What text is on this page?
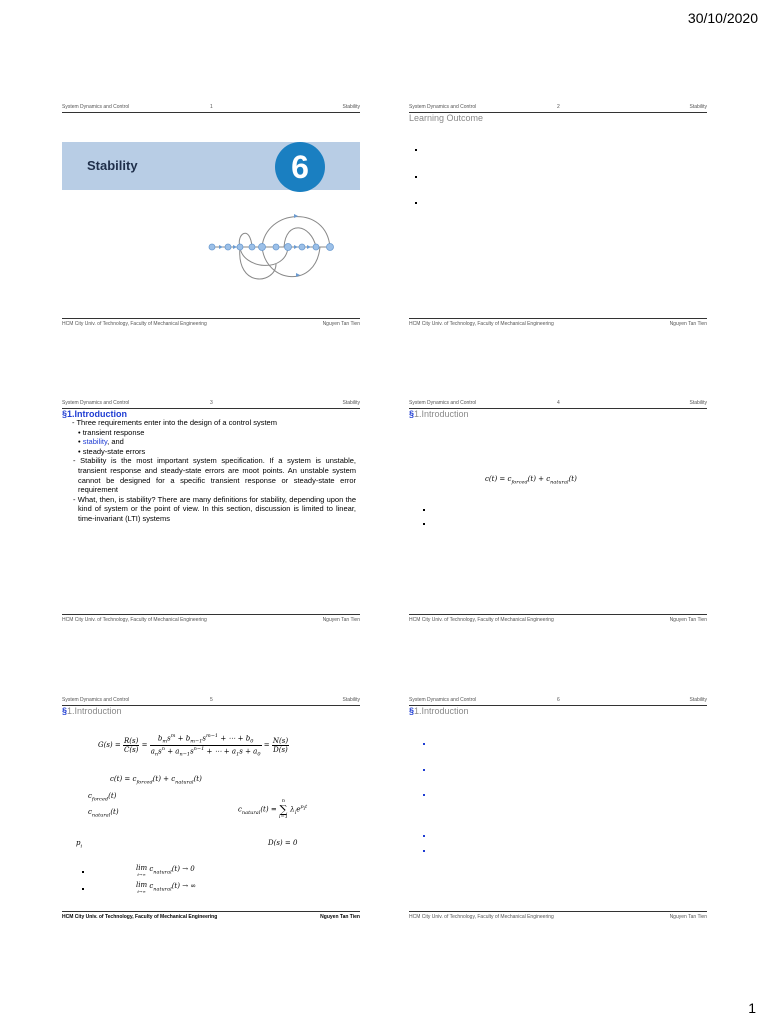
30/10/2020
System Dynamics and Control	1	Stability
Stability	6
HCM City Univ. of Technology, Faculty of Mechanical Engineering	Nguyen Tan Tien
System Dynamics and Control	2	Stability
Learning Outcome
HCM City Univ. of Technology, Faculty of Mechanical Engineering	Nguyen Tan Tien
System Dynamics and Control	3	Stability
§1.Introduction

- Three requirements enter into the design of a control system

• transient response

• stability, and

• steady-state errors

- Stability is the most important system specification. If a system is unstable, transient response and steady-state errors are moot points. An unstable system cannot be designed for a specific transient response or steady-state error requirement

- What, then, is stability? There are many definitions for stability, depending upon the kind of system or the point of view. In this section, discussion is limited to linear, time-invariant (LTI) systems

HCM City Univ. of Technology, Faculty of Mechanical Engineering	Nguyen Tan Tien
System Dynamics and Control	4	Stability
§1.Introduction
$c(t) = c_{forced}(t) + c_{natural}(t)$
HCM City Univ. of Technology, Faculty of Mechanical Engineering	Nguyen Tan Tien
System Dynamics and Control	5	Stability
§1.Introduction
$G(s) = \frac{R(s)}{C(s)} = \frac{b_ms^m + b_{m-1}s^{m-1} + \cdots + b_0}{a_ns^n + a_{n-1}s^{n-1} + \cdots + a_1s + a_0} = \frac{N(s)}{D(s)}$
$c(t) = c_{forced}(t) + c_{natural}(t)$
$c_{forced}(t)$
$c_{natural}(t)$	$c_{natural}(t)$ =
n
∑
i=1
$\lambda_ie^{p_it}$
$p_i$	D(s) = 0
lim
t→∞ $c_{natural}(t) \to 0$
lim
t→∞ $c_{natural}(t)$ → ∞
HCM City Univ. of Technology, Faculty of Mechanical Engineering	Nguyen Tan Tien
System Dynamics and Control	6	Stability
§1.Introduction
HCM City Univ. of Technology, Faculty of Mechanical Engineering	Nguyen Tan Tien
1
